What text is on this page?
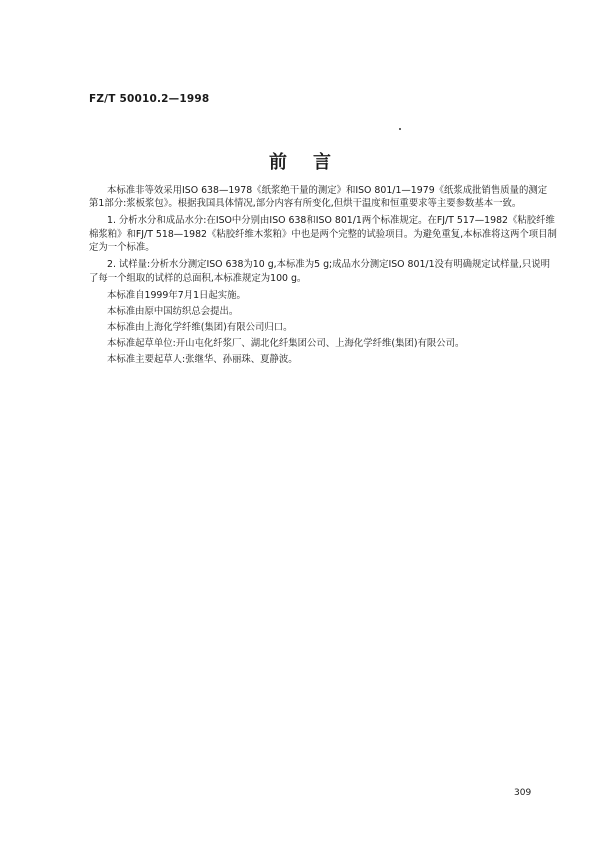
FZ/T 50010.2—1998
前言

本标准非等效采用ISO 638—1978《纸浆绝干量的测定》和ISO 801/1—1979《纸浆成批销售质量的测定　第1部分:浆板浆包》。根据我国具体情况,部分内容有所变化,但烘干温度和恒重要求等主要参数基本一致。

1. 分析水分和成品水分:在ISO中分别由ISO 638和ISO 801/1两个标准规定。在FJ/T 517—1982《粘胶纤维棉浆粕》和FJ/T 518—1982《粘胶纤维木浆粕》中也是两个完整的试验项目。为避免重复,本标准将这两个项目制定为一个标准。

2. 试样量:分析水分测定ISO 638为10 g,本标准为5 g;成品水分测定ISO 801/1没有明确规定试样量,只说明了每一个组取的试样的总面积,本标准规定为100 g。

本标准自1999年7月1日起实施。

本标准由原中国纺织总会提出。

本标准由上海化学纤维(集团)有限公司归口。

本标准起草单位:开山屯化纤浆厂、湖北化纤集团公司、上海化学纤维(集团)有限公司。

本标准主要起草人:张继华、孙丽珠、夏静波。

309
